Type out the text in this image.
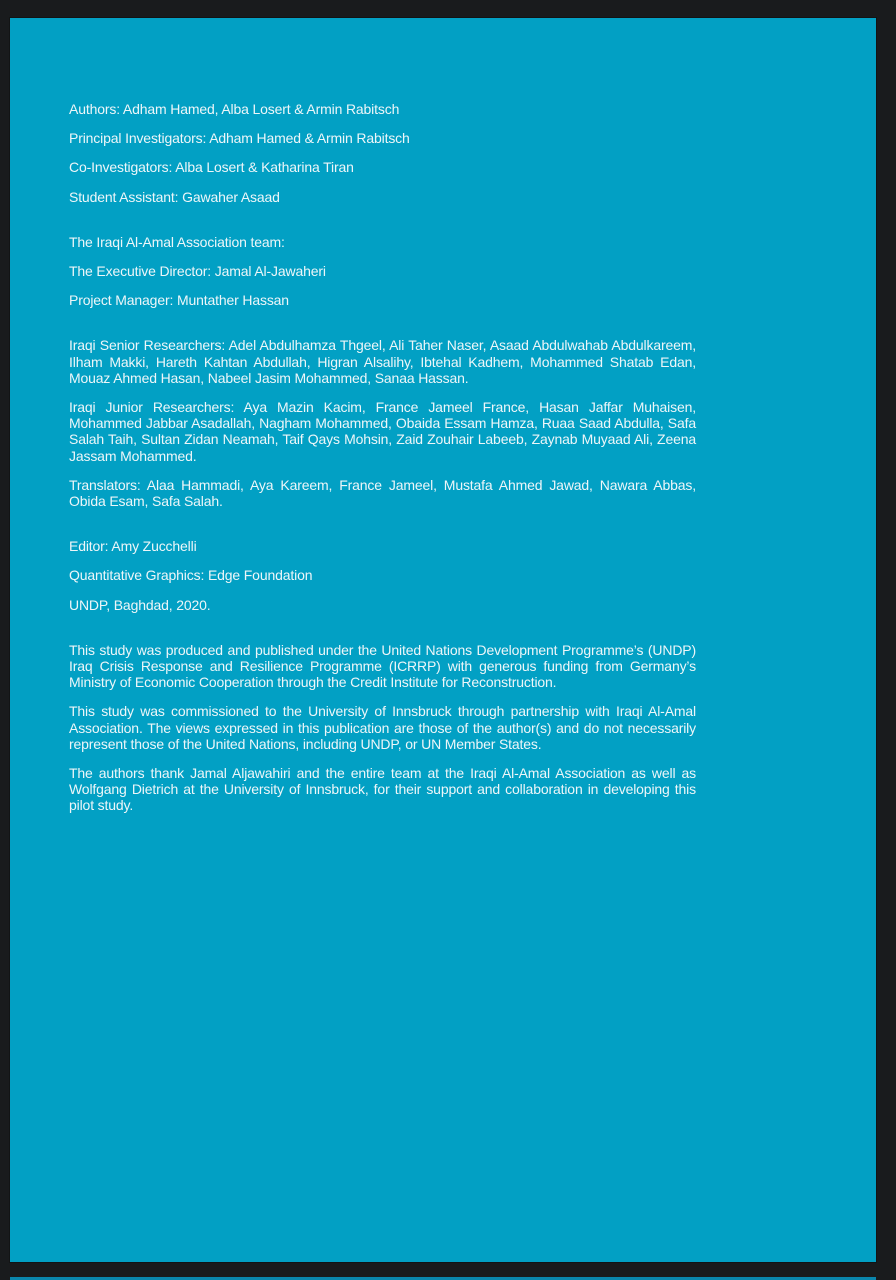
Authors: Adham Hamed, Alba Losert & Armin Rabitsch

Principal Investigators: Adham Hamed & Armin Rabitsch

Co-Investigators: Alba Losert & Katharina Tiran

Student Assistant: Gawaher Asaad

The Iraqi Al-Amal Association team:

The Executive Director: Jamal Al-Jawaheri

Project Manager: Muntather Hassan

Iraqi Senior Researchers: Adel Abdulhamza Thgeel, Ali Taher Naser, Asaad Abdulwahab Abdulkareem, Ilham Makki, Hareth Kahtan Abdullah, Higran Alsalihy, Ibtehal Kadhem, Mohammed Shatab Edan, Mouaz Ahmed Hasan, Nabeel Jasim Mohammed, Sanaa Hassan.

Iraqi Junior Researchers: Aya Mazin Kacim, France Jameel France, Hasan Jaffar Muhaisen, Mohammed Jabbar Asadallah, Nagham Mohammed, Obaida Essam Hamza, Ruaa Saad Abdulla, Safa Salah Taih, Sultan Zidan Neamah, Taif Qays Mohsin, Zaid Zouhair Labeeb, Zaynab Muyaad Ali, Zeena Jassam Mohammed.

Translators: Alaa Hammadi, Aya Kareem, France Jameel, Mustafa Ahmed Jawad, Nawara Abbas, Obida Esam, Safa Salah.

Editor: Amy Zucchelli

Quantitative Graphics: Edge Foundation

UNDP, Baghdad, 2020.

This study was produced and published under the United Nations Development Programme’s (UNDP) Iraq Crisis Response and Resilience Programme (ICRRP) with generous funding from Germany’s Ministry of Economic Cooperation through the Credit Institute for Reconstruction.

This study was commissioned to the University of Innsbruck through partnership with Iraqi Al-Amal Association. The views expressed in this publication are those of the author(s) and do not necessarily represent those of the United Nations, including UNDP, or UN Member States.

The authors thank Jamal Aljawahiri and the entire team at the Iraqi Al-Amal Association as well as Wolfgang Dietrich at the University of Innsbruck, for their support and collaboration in developing this pilot study.
